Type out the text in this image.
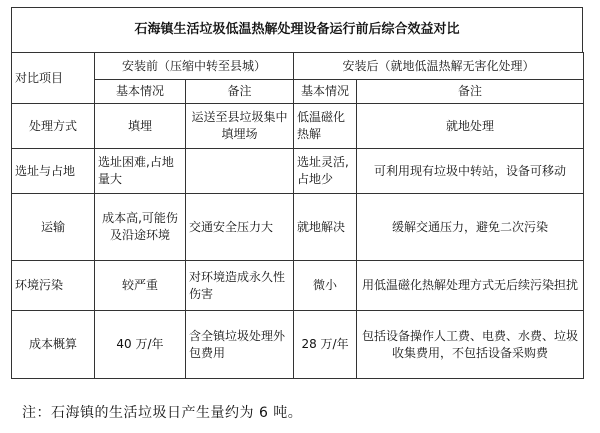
石海镇生活垃圾低温热解处理设备运行前后综合效益对比
对比项目	安装前（压缩中转至县城）		安装后（就地低温热解无害化处理）	
	基本情况	备注	基本情况	备注
处理方式	填埋	运送至县垃圾集中填埋场	低温磁化热解	就地处理
选址与占地	选址困难,占地量大		选址灵活,占地少	可利用现有垃圾中转站，设备可移动
运输	成本高,可能伤及沿途环境	交通安全压力大	就地解决	缓解交通压力，避免二次污染
环境污染	较严重	对环境造成永久性伤害	微小	用低温磁化热解处理方式无后续污染担扰
成本概算	40 万/年	含全镇垃圾处理外包费用	28 万/年	包括设备操作人工费、电费、水费、垃圾收集费用，不包括设备采购费
注：石海镇的生活垃圾日产生量约为 6 吨。
